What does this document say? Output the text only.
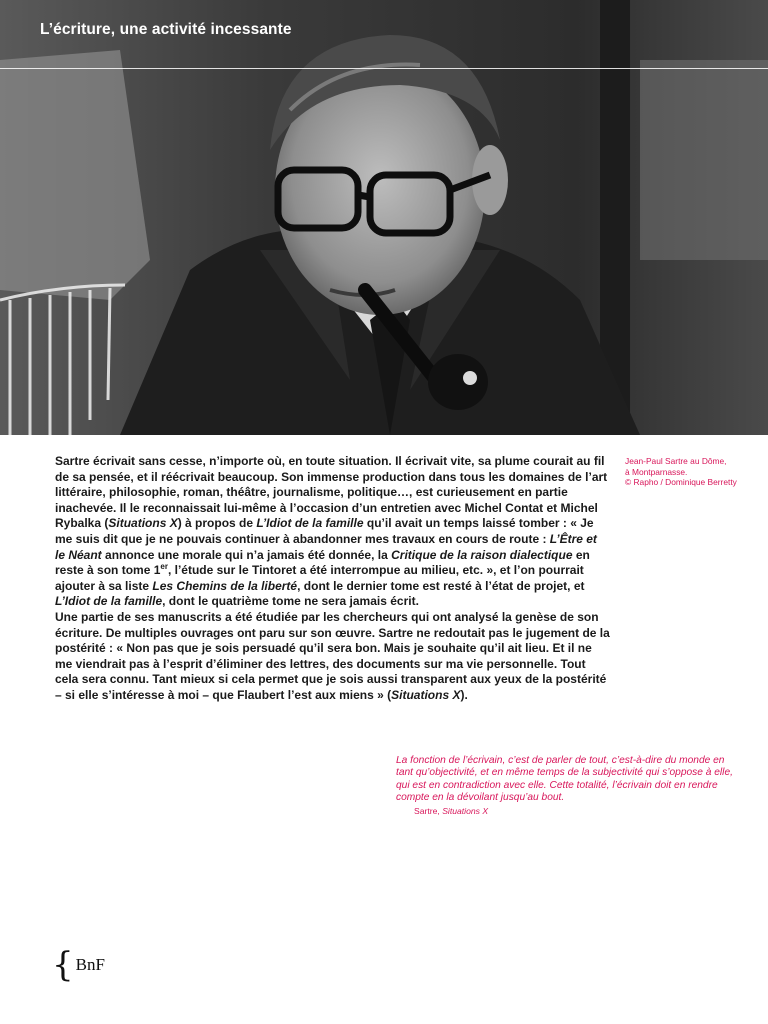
L’écriture, une activité incessante

Sartre écrivait sans cesse, n’importe où, en toute situation. Il écrivait vite, sa plume courait au fil de sa pensée, et il réécrivait beaucoup. Son immense production dans tous les domaines de l’art littéraire, philosophie, roman, théâtre, journalisme, politique…, est curieusement en partie inachevée. Il le reconnaissait lui-même à l’occasion d’un entretien avec Michel Contat et Michel Rybalka (Situations X) à propos de L’Idiot de la famille qu’il avait un temps laissé tomber : « Je me suis dit que je ne pouvais continuer à abandonner mes travaux en cours de route : L’Être et le Néant annonce une morale qui n’a jamais été donnée, la Critique de la raison dialectique en reste à son tome 1er, l’étude sur le Tintoret a été interrompue au milieu, etc. », et l’on pourrait ajouter à sa liste Les Chemins de la liberté, dont le dernier tome est resté à l’état de projet, et L’Idiot de la famille, dont le quatrième tome ne sera jamais écrit.

Une partie de ses manuscrits a été étudiée par les chercheurs qui ont analysé la genèse de son écriture. De multiples ouvrages ont paru sur son œuvre. Sartre ne redoutait pas le jugement de la postérité : « Non pas que je sois persuadé qu’il sera bon. Mais je souhaite qu’il ait lieu. Et il ne me viendrait pas à l’esprit d’éliminer des lettres, des documents sur ma vie personnelle. Tout cela sera connu. Tant mieux si cela permet que je sois aussi transparent aux yeux de la postérité – si elle s’intéresse à moi – que Flaubert l’est aux miens » (Situations X).

Jean-Paul Sartre au Dôme,
à Montparnasse.
© Rapho / Dominique Berretty
La fonction de l’écrivain, c’est de parler de tout, c’est-à-dire du monde en tant qu’objectivité, et en même temps de la subjectivité qui s’oppose à elle, qui est en contradiction avec elle. Cette totalité, l’écrivain doit en rendre compte en la dévoilant jusqu’au bout.
Sartre, Situations X
{ BnF
